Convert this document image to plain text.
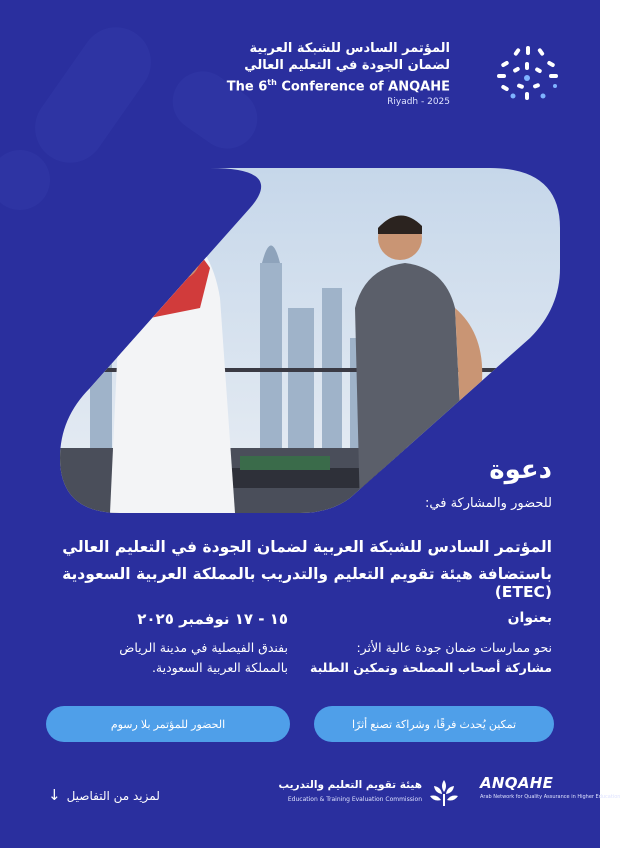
المؤتمر السادس للشبكة العربية
لضمان الجودة في التعليم العالي
The 6th Conference of ANQAHE
Riyadh - 2025
دعوة
للحضور والمشاركة في:
المؤتمر السادس للشبكة العربية لضمان الجودة في التعليم العالي
باستضافة هيئة تقويم التعليم والتدريب بالمملكة العربية السعودية (ETEC)
بعنوان
١٥ - ١٧ نوفمبر ٢٠٢٥
نحو ممارسات ضمان جودة عالية الأثر:
مشاركة أصحاب المصلحة وتمكين الطلبة
بفندق الفيصلية في مدينة الرياض
بالمملكة العربية السعودية.
تمكين يُحدث فرقًا، وشراكة تصنع أثرًا
الحضور للمؤتمر بلا رسوم
لمزيد من التفاصيل
↓
هيئة تقويم التعليم والتدريب
Education & Training Evaluation Commission
ANQAHE
Arab Network for Quality Assurance in Higher Education
